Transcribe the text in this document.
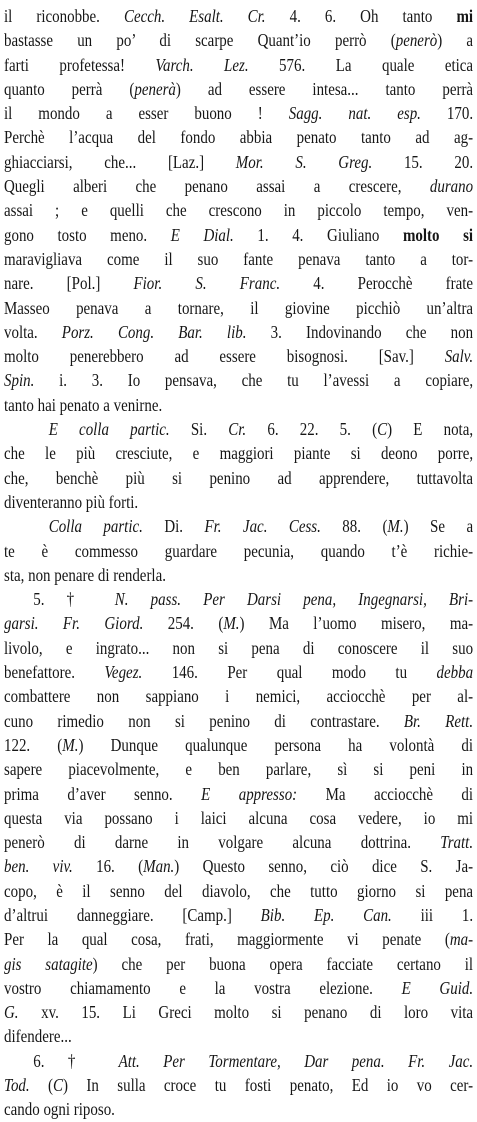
il riconobbe. Cecch. Esalt. Cr. 4. 6. Oh tanto mi
bastasse un po’ di scarpe Quant’io perrò (penerò) a
farti profetessa! Varch. Lez. 576. La quale etica
quanto perrà (penerà) ad essere intesa... tanto perrà
il mondo a esser buono ! Sagg. nat. esp. 170.
Perchè l’acqua del fondo abbia penato tanto ad ag-
ghiacciarsi, che... [Laz.] Mor. S. Greg. 15. 20.
Quegli alberi che penano assai a crescere, durano
assai ; e quelli che crescono in piccolo tempo, ven-
gono tosto meno. E Dial. 1. 4. Giuliano molto si
maravigliava come il suo fante penava tanto a tor-
nare. [Pol.] Fior. S. Franc. 4. Perocchè frate
Masseo penava a tornare, il giovine picchiò un’altra
volta. Porz. Cong. Bar. lib. 3. Indovinando che non
molto penerebbero ad essere bisognosi. [Sav.] Salv.
Spin. i. 3. Io pensava, che tu l’avessi a copiare,
tanto hai penato a venirne.
E colla partic. Si. Cr. 6. 22. 5. (C) E nota,
che le più cresciute, e maggiori piante si deono porre,
che, benchè più si penino ad apprendere, tuttavolta
diventeranno più forti.
Colla partic. Di. Fr. Jac. Cess. 88. (M.) Se a
te è commesso guardare pecunia, quando t’è richie-
sta, non penare di renderla.
5. † N. pass. Per Darsi pena, Ingegnarsi, Bri-
garsi. Fr. Giord. 254. (M.) Ma l’uomo misero, ma-
livolo, e ingrato... non si pena di conoscere il suo
benefattore. Vegez. 146. Per qual modo tu debba
combattere non sappiano i nemici, acciocchè per al-
cuno rimedio non si penino di contrastare. Br. Rett.
122. (M.) Dunque qualunque persona ha volontà di
sapere piacevolmente, e ben parlare, sì si peni in
prima d’aver senno. E appresso: Ma acciocchè di
questa via possano i laici alcuna cosa vedere, io mi
penerò di darne in volgare alcuna dottrina. Tratt.
ben. viv. 16. (Man.) Questo senno, ciò dice S. Ja-
copo, è il senno del diavolo, che tutto giorno si pena
d’altrui danneggiare. [Camp.] Bib. Ep. Can. iii 1.
Per la qual cosa, frati, maggiormente vi penate (ma-
gis satagite) che per buona opera facciate certano il
vostro chiamamento e la vostra elezione. E Guid.
G. xv. 15. Li Greci molto si penano di loro vita
difendere...
6. † Att. Per Tormentare, Dar pena. Fr. Jac.
Tod. (C) In sulla croce tu fosti penato, Ed io vo cer-
cando ogni riposo.
